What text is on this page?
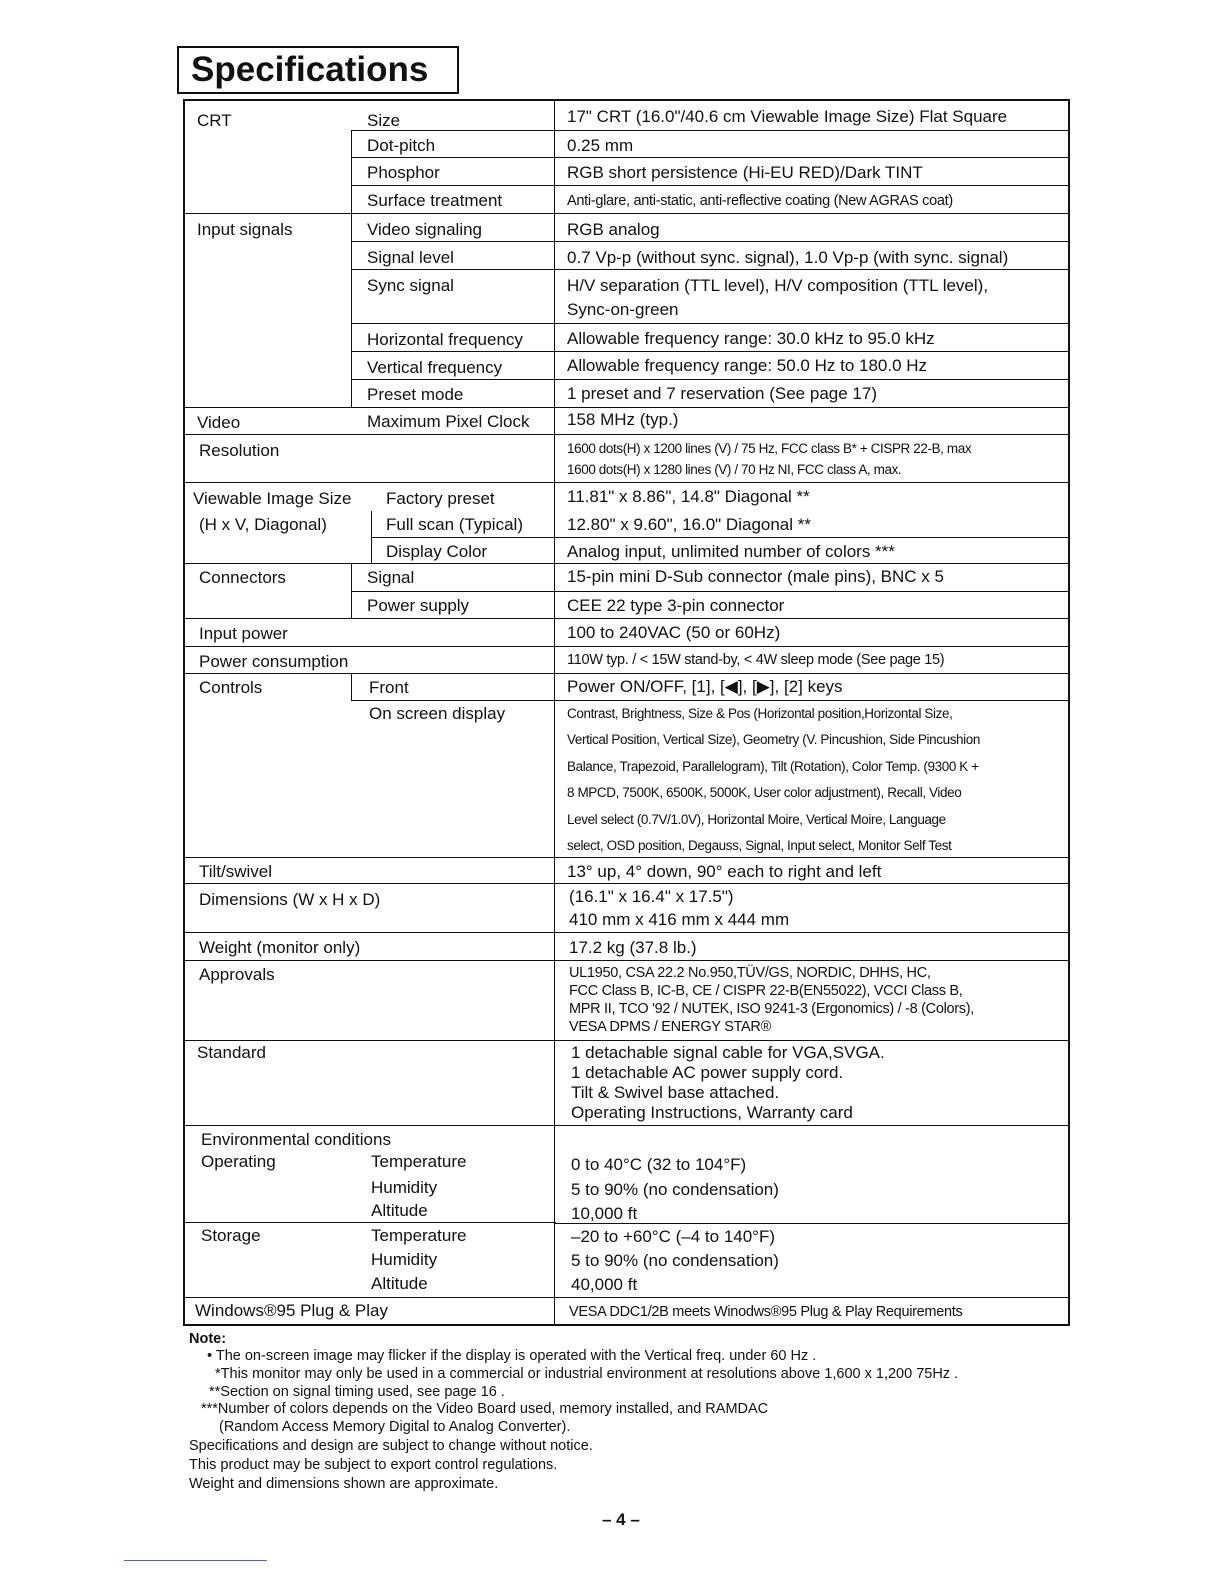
Specifications
CRT	Size	17" CRT (16.0"/40.6 cm Viewable Image Size) Flat Square
Dot-pitch	0.25 mm
Phosphor	RGB short persistence (Hi-EU RED)/Dark TINT
Surface treatment	Anti-glare, anti-static, anti-reflective coating (New AGRAS coat)
Input signals	Video signaling	RGB analog
Signal level	0.7 Vp-p (without sync. signal), 1.0 Vp-p (with sync. signal)
Sync signal	H/V separation (TTL level), H/V composition (TTL level),
Sync-on-green
Horizontal frequency	Allowable frequency range: 30.0 kHz to 95.0 kHz
Vertical frequency	Allowable frequency range: 50.0 Hz to 180.0 Hz
Preset mode	1 preset and 7 reservation (See page 17)
Video	Maximum Pixel Clock 158 MHz (typ.)
Resolution	1600 dots(H) x 1200 lines (V) / 75 Hz, FCC class B* + CISPR 22-B, max
1600 dots(H) x 1280 lines (V) / 70 Hz NI, FCC class A, max.
Viewable Image Size
(H x V, Diagonal)
Factory preset	11.81" x 8.86", 14.8" Diagonal **
Full scan (Typical)	12.80" x 9.60", 16.0" Diagonal **
Display Color	Analog input, unlimited number of colors ***
Connectors	Signal	15-pin mini D-Sub connector (male pins), BNC x 5
Power supply	CEE 22 type 3-pin connector
Input power	100 to 240VAC (50 or 60Hz)
Power consumption	110W typ. / < 15W stand-by, < 4W sleep mode (See page 15)
Controls	Front	Power ON/OFF, [1], [◀], [▶], [2] keys
On screen display	Contrast, Brightness, Size & Pos (Horizontal position,Horizontal Size,
Vertical Position, Vertical Size), Geometry (V. Pincushion, Side Pincushion
Balance, Trapezoid, Parallelogram), Tilt (Rotation), Color Temp. (9300 K +
8 MPCD, 7500K, 6500K, 5000K, User color adjustment), Recall, Video
Level select (0.7V/1.0V), Horizontal Moire, Vertical Moire, Language
select, OSD position, Degauss, Signal, Input select, Monitor Self Test
Tilt/swivel	13° up, 4° down, 90° each to right and left
Dimensions (W x H x D)	(16.1" x 16.4" x 17.5")
410 mm x 416 mm x 444 mm
Weight (monitor only)	17.2 kg (37.8 lb.)
Approvals	UL1950, CSA 22.2 No.950,TÜV/GS, NORDIC, DHHS, HC,
FCC Class B, IC-B, CE / CISPR 22-B(EN55022), VCCI Class B,
MPR II, TCO '92 / NUTEK, ISO 9241-3 (Ergonomics) / -8 (Colors),
VESA DPMS / ENERGY STAR®
Standard	1 detachable signal cable for VGA,SVGA.
1 detachable AC power supply cord.
Tilt & Swivel base attached.
Operating Instructions, Warranty card
Environmental conditions
Operating	Temperature	0 to 40°C (32 to 104°F)
Humidity	5 to 90% (no condensation)
Altitude	10,000 ft
Storage	Temperature	–20 to +60°C (–4 to 140°F)
Humidity	5 to 90% (no condensation)
Altitude	40,000 ft
Windows®95 Plug & Play	VESA DDC1/2B meets Winodws®95 Plug & Play Requirements
Note:
• The on-screen image may flicker if the display is operated with the Vertical freq. under 60 Hz .
*This monitor may only be used in a commercial or industrial environment at resolutions above 1,600 x 1,200 75Hz .
**Section on signal timing used, see page 16 .
***Number of colors depends on the Video Board used, memory installed, and RAMDAC
(Random Access Memory Digital to Analog Converter).
Specifications and design are subject to change without notice.
This product may be subject to export control regulations.
Weight and dimensions shown are approximate.
– 4 –
